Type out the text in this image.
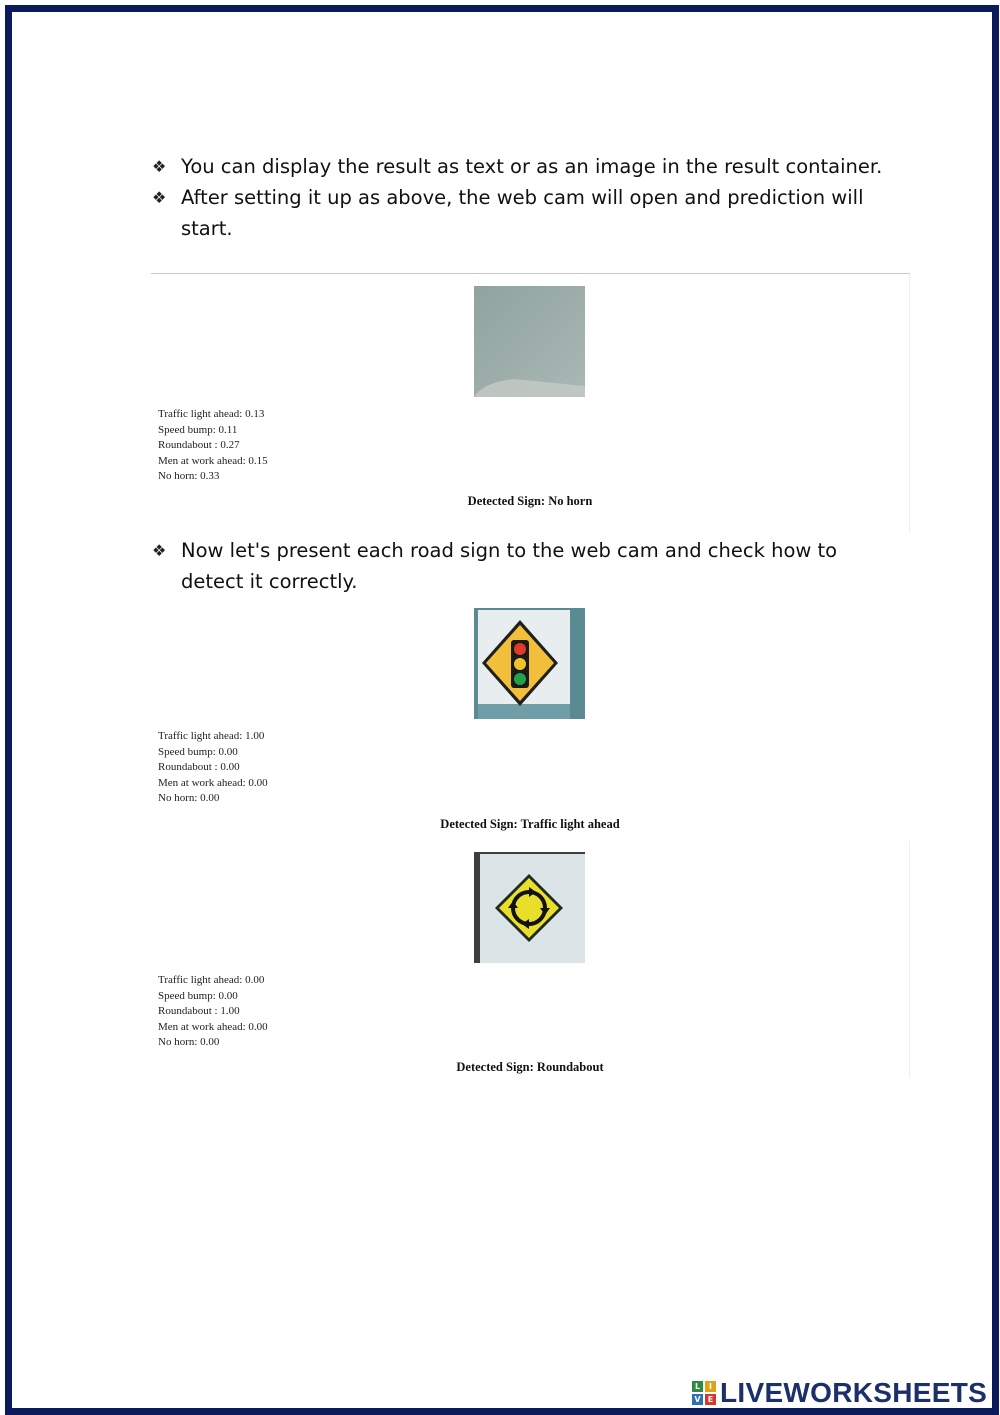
❖ You can display the result as text or as an image in the result container.
❖ After setting it up as above, the web cam will open and prediction will start.
Traffic light ahead: 0.13
Speed bump: 0.11
Roundabout : 0.27
Men at work ahead: 0.15
No horn: 0.33
Detected Sign: No horn
❖ Now let's present each road sign to the web cam and check how to detect it correctly.
Traffic light ahead: 1.00
Speed bump: 0.00
Roundabout : 0.00
Men at work ahead: 0.00
No horn: 0.00
Detected Sign: Traffic light ahead
Traffic light ahead: 0.00
Speed bump: 0.00
Roundabout : 1.00
Men at work ahead: 0.00
No horn: 0.00
Detected Sign: Roundabout
L	I
V E LIVEWORKSHEETS
